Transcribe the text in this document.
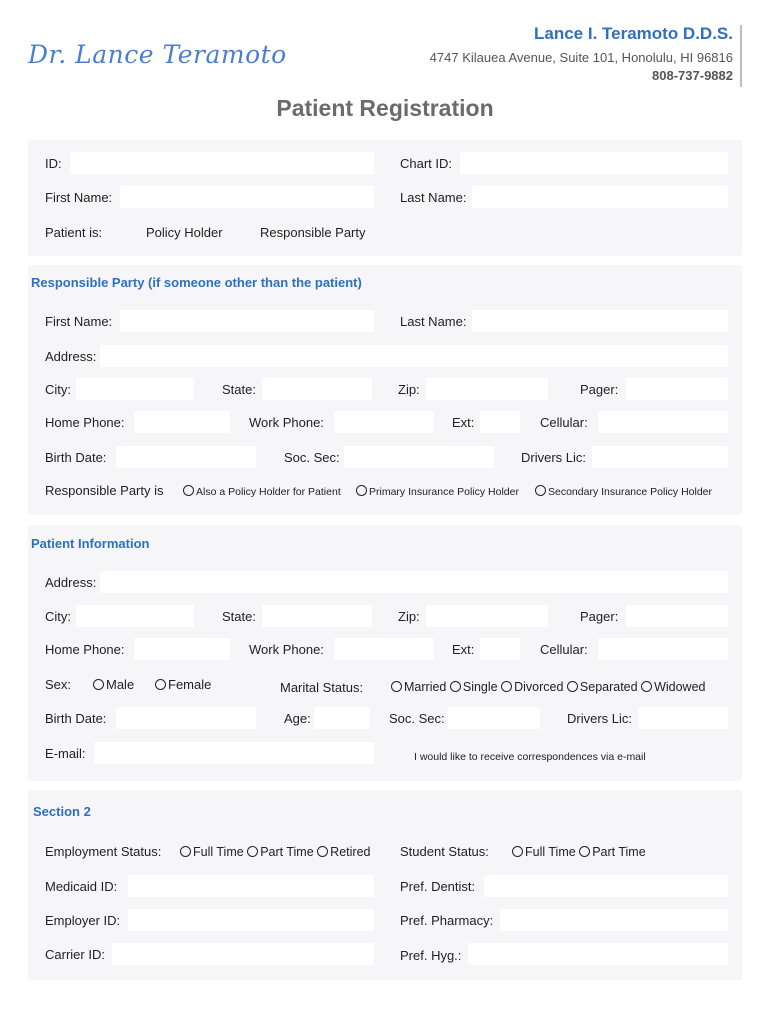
Dr. Lance Teramoto
Lance I. Teramoto D.D.S.
4747 Kilauea Avenue, Suite 101, Honolulu, HI 96816
808-737-9882
Patient Registration
ID:	Chart ID:
First Name:	Last Name:
Patient is:	Policy Holder	Responsible Party
Responsible Party (if someone other than the patient)
First Name:	Last Name:
Address:
City:	State:	Zip:	Pager:
Home Phone:	Work Phone:	Ext:	Cellular:
Birth Date:	Soc. Sec:	Drivers Lic:
Responsible Party is	Also a Policy Holder for Patient	Primary Insurance Policy Holder	Secondary Insurance Policy Holder
Patient Information
Address:
City:	State:	Zip:	Pager:
Home Phone:	Work Phone:	Ext:	Cellular:
Sex:	Male	Female	Marital Status:	Married Single Divorced Separated Widowed
Birth Date:	Age:	Soc. Sec:	Drivers Lic:
E-mail:	I would like to receive correspondences via e-mail
Section 2
Employment Status:	Full Time Part Time Retired Student Status:	Full Time Part Time
Medicaid ID:	Pref. Dentist:
Employer ID:	Pref. Pharmacy:
Carrier ID:	Pref. Hyg.:
